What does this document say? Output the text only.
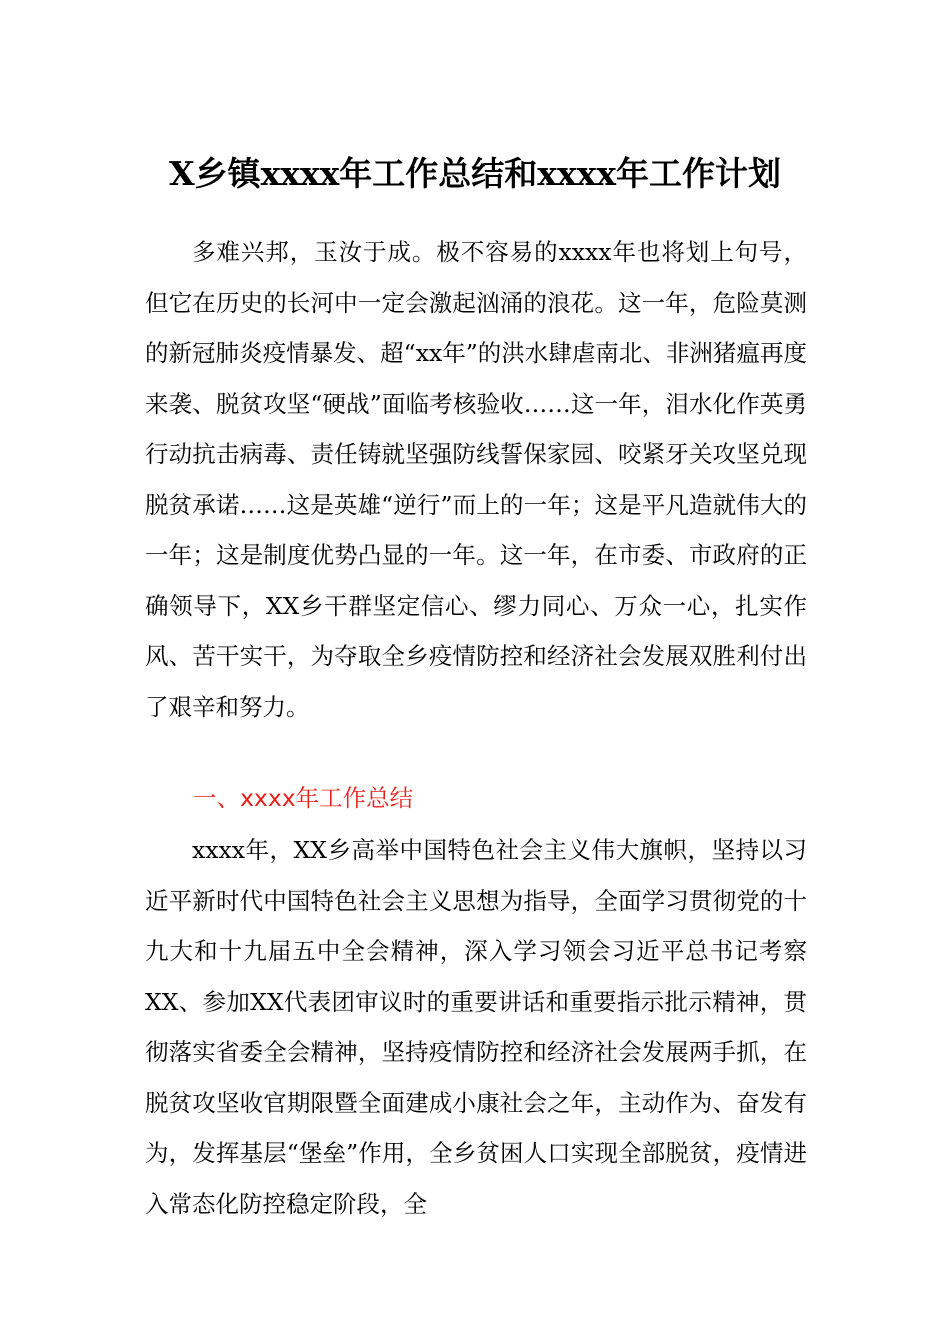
X乡镇xxxx年工作总结和xxxx年工作计划

多难兴邦，玉汝于成。极不容易的xxxx年也将划上句号，但它在历史的长河中一定会激起汹涌的浪花。这一年，危险莫测的新冠肺炎疫情暴发、超“xx年”的洪水肆虐南北、非洲猪瘟再度来袭、脱贫攻坚“硬战”面临考核验收……这一年，泪水化作英勇行动抗击病毒、责任铸就坚强防线誓保家园、咬紧牙关攻坚兑现脱贫承诺……这是英雄“逆行”而上的一年；这是平凡造就伟大的一年；这是制度优势凸显的一年。这一年，在市委、市政府的正确领导下，XX乡干群坚定信心、缪力同心、万众一心，扎实作风、苦干实干，为夺取全乡疫情防控和经济社会发展双胜利付出了艰辛和努力。

一、xxxx年工作总结

xxxx年，XX乡高举中国特色社会主义伟大旗帜，坚持以习近平新时代中国特色社会主义思想为指导，全面学习贯彻党的十九大和十九届五中全会精神，深入学习领会习近平总书记考察XX、参加XX代表团审议时的重要讲话和重要指示批示精神，贯彻落实省委全会精神，坚持疫情防控和经济社会发展两手抓，在脱贫攻坚收官期限暨全面建成小康社会之年，主动作为、奋发有为，发挥基层“堡垒”作用，全乡贫困人口实现全部脱贫，疫情进入常态化防控稳定阶段，全
